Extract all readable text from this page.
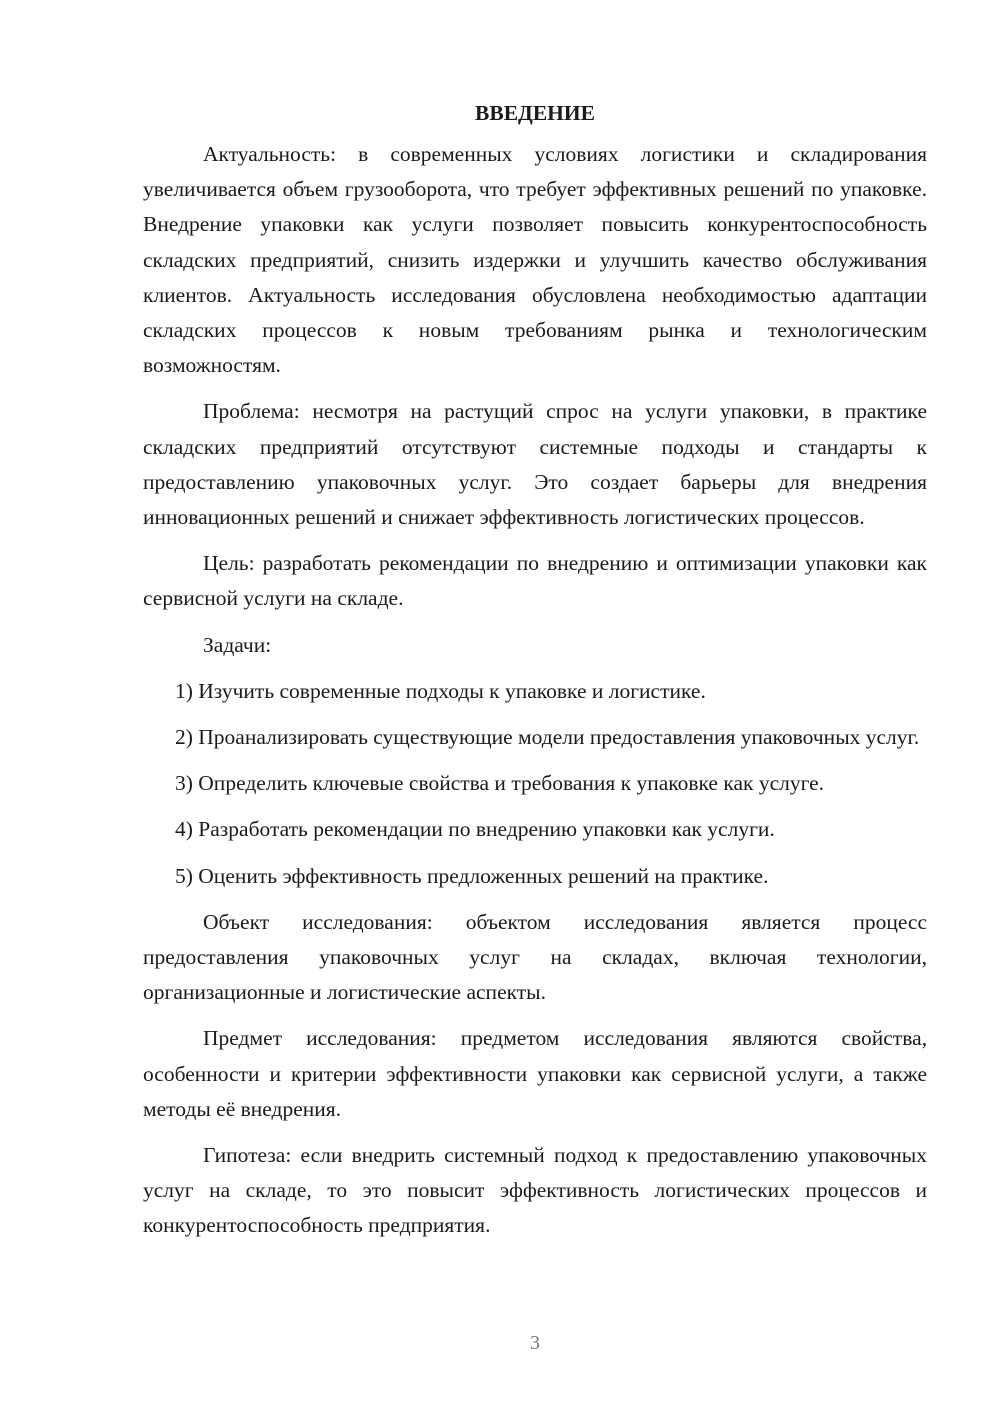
ВВЕДЕНИЕ

Актуальность: в современных условиях логистики и складирования увеличивается объем грузооборота, что требует эффективных решений по упаковке. Внедрение упаковки как услуги позволяет повысить конкурентоспособность складских предприятий, снизить издержки и улучшить качество обслуживания клиентов. Актуальность исследования обусловлена необходимостью адаптации складских процессов к новым требованиям рынка и технологическим возможностям.

Проблема: несмотря на растущий спрос на услуги упаковки, в практике складских предприятий отсутствуют системные подходы и стандарты к предоставлению упаковочных услуг. Это создает барьеры для внедрения инновационных решений и снижает эффективность логистических процессов.

Цель: разработать рекомендации по внедрению и оптимизации упаковки как сервисной услуги на складе.

Задачи:

1) Изучить современные подходы к упаковке и логистике.

2) Проанализировать существующие модели предоставления упаковочных услуг.

3) Определить ключевые свойства и требования к упаковке как услуге.

4) Разработать рекомендации по внедрению упаковки как услуги.

5) Оценить эффективность предложенных решений на практике.

Объект исследования: объектом исследования является процесс предоставления упаковочных услуг на складах, включая технологии, организационные и логистические аспекты.

Предмет исследования: предметом исследования являются свойства, особенности и критерии эффективности упаковки как сервисной услуги, а также методы её внедрения.

Гипотеза: если внедрить системный подход к предоставлению упаковочных услуг на складе, то это повысит эффективность логистических процессов и конкурентоспособность предприятия.

3
